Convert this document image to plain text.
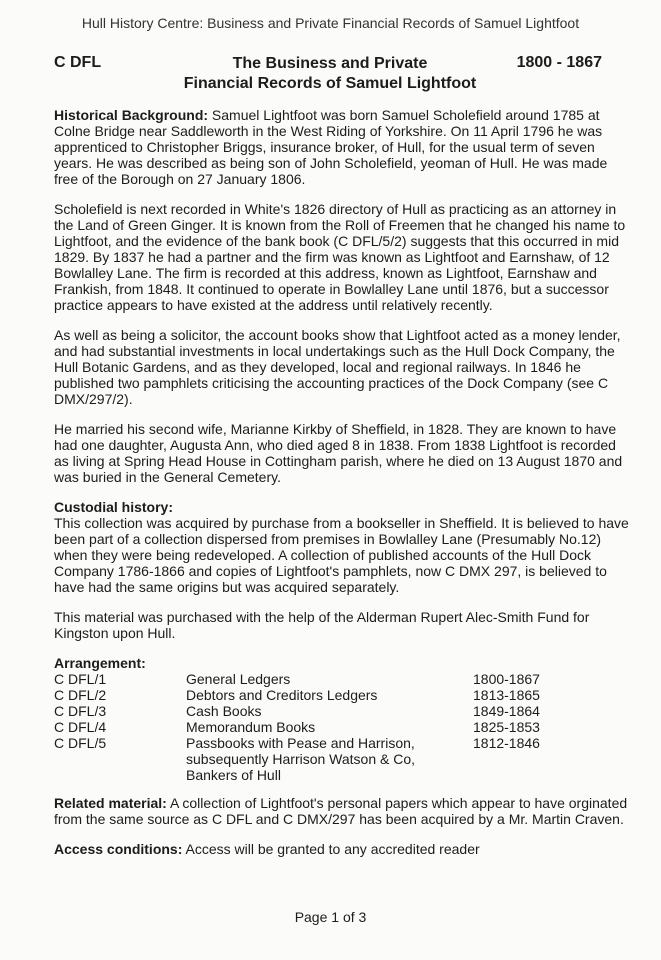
Hull History Centre: Business and Private Financial Records of Samuel Lightfoot
C DFL	The Business and Private
Financial Records of Samuel Lightfoot
1800 - 1867

Historical Background: Samuel Lightfoot was born Samuel Scholefield around 1785 at Colne Bridge near Saddleworth in the West Riding of Yorkshire. On 11 April 1796 he was apprenticed to Christopher Briggs, insurance broker, of Hull, for the usual term of seven years. He was described as being son of John Scholefield, yeoman of Hull. He was made free of the Borough on 27 January 1806.

Scholefield is next recorded in White's 1826 directory of Hull as practicing as an attorney in the Land of Green Ginger. It is known from the Roll of Freemen that he changed his name to Lightfoot, and the evidence of the bank book (C DFL/5/2) suggests that this occurred in mid 1829. By 1837 he had a partner and the firm was known as Lightfoot and Earnshaw, of 12 Bowlalley Lane. The firm is recorded at this address, known as Lightfoot, Earnshaw and Frankish, from 1848. It continued to operate in Bowlalley Lane until 1876, but a successor practice appears to have existed at the address until relatively recently.

As well as being a solicitor, the account books show that Lightfoot acted as a money lender, and had substantial investments in local undertakings such as the Hull Dock Company, the Hull Botanic Gardens, and as they developed, local and regional railways. In 1846 he published two pamphlets criticising the accounting practices of the Dock Company (see C DMX/297/2).

He married his second wife, Marianne Kirkby of Sheffield, in 1828. They are known to have had one daughter, Augusta Ann, who died aged 8 in 1838. From 1838 Lightfoot is recorded as living at Spring Head House in Cottingham parish, where he died on 13 August 1870 and was buried in the General Cemetery.

Custodial history:

This collection was acquired by purchase from a bookseller in Sheffield. It is believed to have been part of a collection dispersed from premises in Bowlalley Lane (Presumably No.12) when they were being redeveloped. A collection of published accounts of the Hull Dock Company 1786-1866 and copies of Lightfoot's pamphlets, now C DMX 297, is believed to have had the same origins but was acquired separately.

This material was purchased with the help of the Alderman Rupert Alec-Smith Fund for Kingston upon Hull.

Arrangement:
C DFL/1	General Ledgers	1800-1867
C DFL/2	Debtors and Creditors Ledgers	1813-1865
C DFL/3	Cash Books	1849-1864
C DFL/4	Memorandum Books	1825-1853
C DFL/5	Passbooks with Pease and Harrison,
subsequently Harrison Watson & Co,
Bankers of Hull	1812-1846

Related material: A collection of Lightfoot's personal papers which appear to have orginated from the same source as C DFL and C DMX/297 has been acquired by a Mr. Martin Craven.

Access conditions: Access will be granted to any accredited reader

Page 1 of 3
